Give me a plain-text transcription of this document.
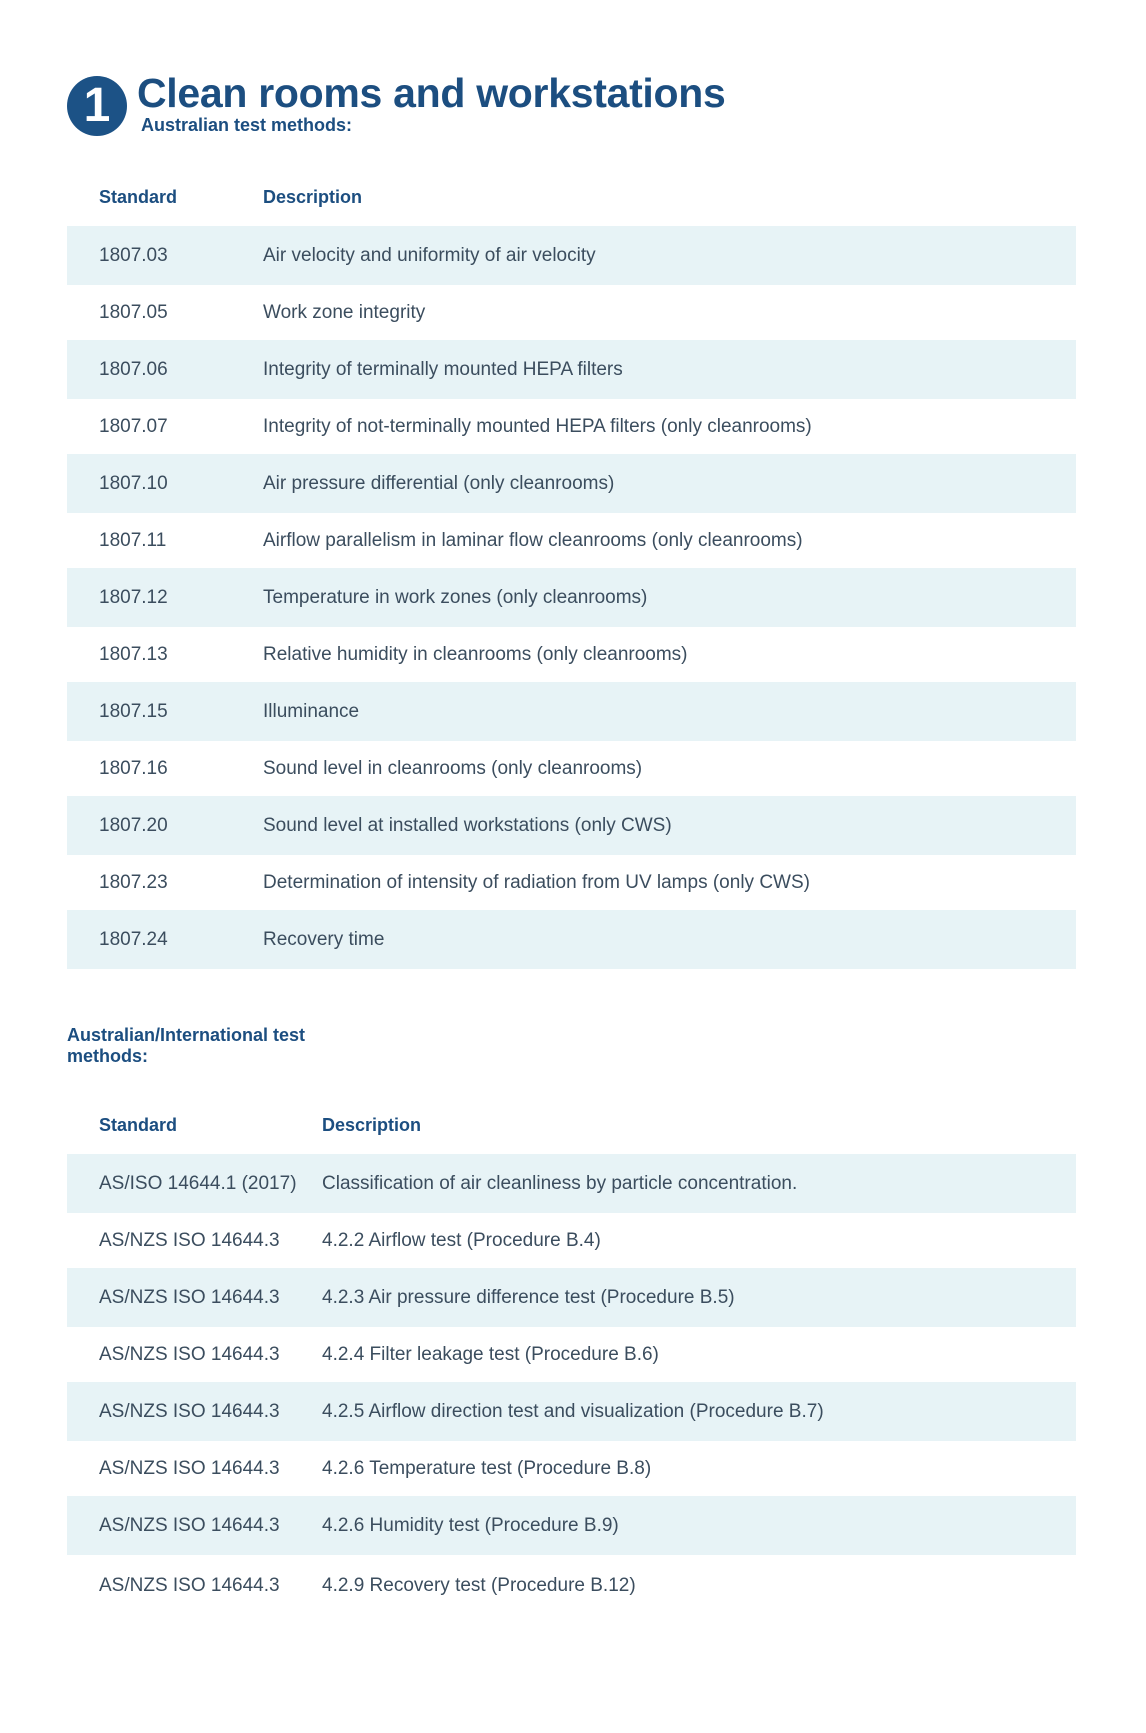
1 Clean rooms and workstations
Australian test methods:
Standard	Description
1807.03	Air velocity and uniformity of air velocity
1807.05	Work zone integrity
1807.06	Integrity of terminally mounted HEPA filters
1807.07	Integrity of not-terminally mounted HEPA filters (only cleanrooms)
1807.10	Air pressure differential (only cleanrooms)
1807.11	Airflow parallelism in laminar flow cleanrooms (only cleanrooms)
1807.12	Temperature in work zones (only cleanrooms)
1807.13	Relative humidity in cleanrooms (only cleanrooms)
1807.15	Illuminance
1807.16	Sound level in cleanrooms (only cleanrooms)
1807.20	Sound level at installed workstations (only CWS)
1807.23	Determination of intensity of radiation from UV lamps (only CWS)
1807.24	Recovery time
Australian/International test methods:
Standard	Description
AS/ISO 14644.1 (2017)	Classification of air cleanliness by particle concentration.
AS/NZS ISO 14644.3	4.2.2 Airflow test (Procedure B.4)
AS/NZS ISO 14644.3	4.2.3 Air pressure difference test (Procedure B.5)
AS/NZS ISO 14644.3	4.2.4 Filter leakage test (Procedure B.6)
AS/NZS ISO 14644.3	4.2.5 Airflow direction test and visualization (Procedure B.7)
AS/NZS ISO 14644.3	4.2.6 Temperature test (Procedure B.8)
AS/NZS ISO 14644.3	4.2.6 Humidity test (Procedure B.9)
AS/NZS ISO 14644.3	4.2.9 Recovery test (Procedure B.12)
